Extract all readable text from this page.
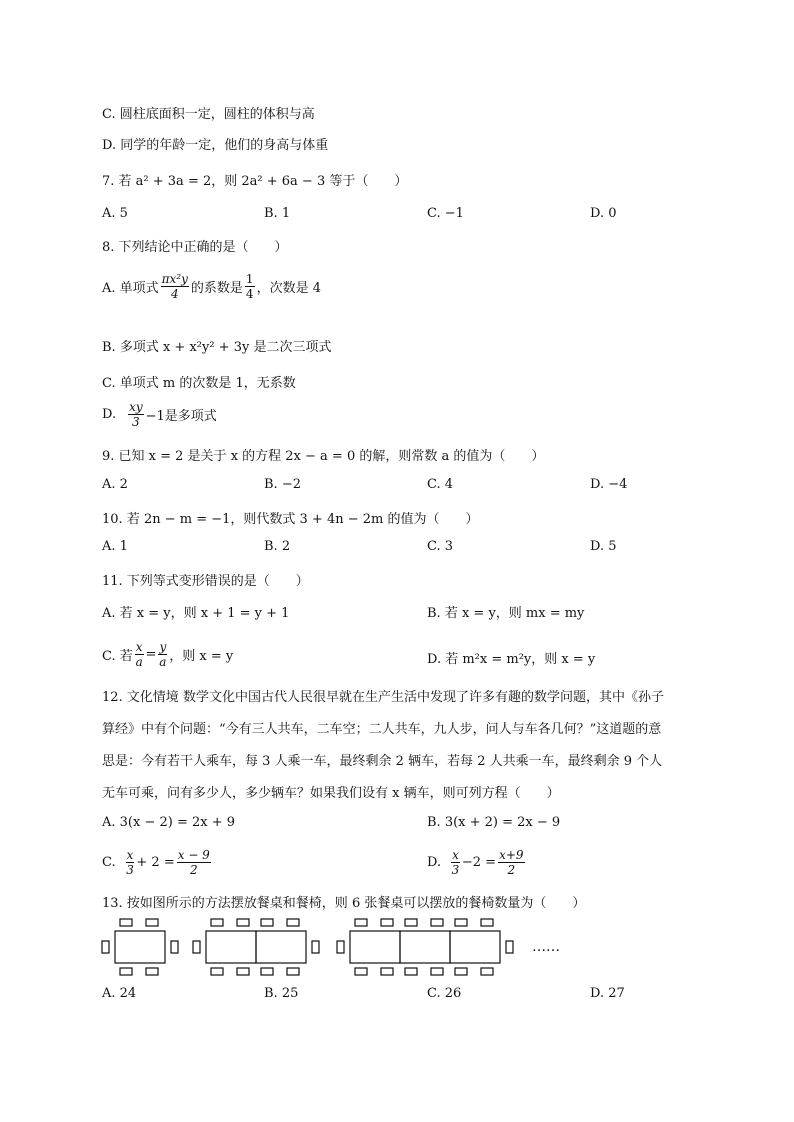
C. 圆柱底面积一定，圆柱的体积与高
D. 同学的年龄一定，他们的身高与体重
7. 若 a² + 3a = 2，则 2a² + 6a − 3 等于（　　）
A. 5	B. 1	C. −1	D. 0
8. 下列结论中正确的是（　　）
A. 单项式 $\frac{\text{πx²y}}{4}$ 的系数是 $\frac{1}{4}$ ，次数是 4
B. 多项式 x + x²y² + 3y 是二次三项式
C. 单项式 m 的次数是 1，无系数
D. $\frac{xy}{3} -1$是多项式
9. 已知 x = 2 是关于 x 的方程 2x − a = 0 的解，则常数 a 的值为（　　）
A. 2	B. −2	C. 4	D. −4
10. 若 2n − m = −1，则代数式 3 + 4n − 2m 的值为（　　）
A. 1	B. 2	C. 3	D. 5
11. 下列等式变形错误的是（　　）
A. 若 x = y，则 x + 1 = y + 1	B. 若 x = y，则 mx = my
C. 若 $\frac{x}{a} = \frac{y}{a}$ ，则 x = y	D. 若 m²x = m²y，则 x = y
12. 文化情境 数学文化中国古代人民很早就在生产生活中发现了许多有趣的数学问题，其中《孙子算经》中有个问题：“今有三人共车，二车空；二人共车，九人步，问人与车各几何？”这道题的意思是：今有若干人乘车，每 3 人乘一车，最终剩余 2 辆车，若每 2 人共乘一车，最终剩余 9 个人无车可乘，问有多少人，多少辆车？如果我们设有 x 辆车，则可列方程（　　）
A. 3(x − 2) = 2x + 9	B. 3(x + 2) = 2x − 9
C. $\frac{x}{3} + 2 = \frac{x - 9}{2}$	D. $\frac{x}{3} -2 = \frac{x+9}{2}$
13. 按如图所示的方法摆放餐桌和餐椅，则 6 张餐桌可以摆放的餐椅数量为（　　）
……
A. 24	B. 25	C. 26	D. 27
